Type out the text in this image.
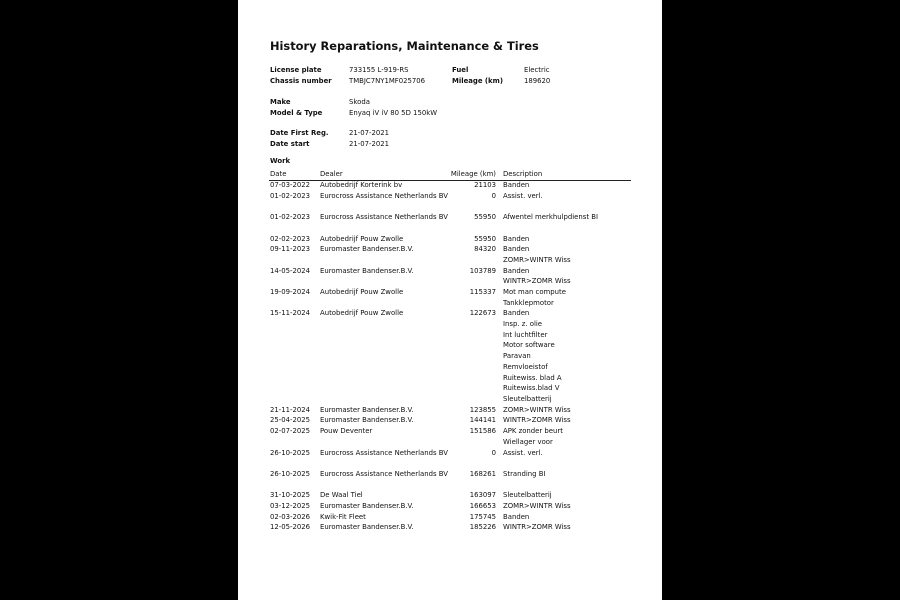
History Reparations, Maintenance & Tires
License plate	733155 L-919-RS	Fuel	Electric
Chassis number	TMBJC7NY1MF025706	Mileage (km)	189620
Make	Skoda
Model & Type	Enyaq iV iV 80 5D 150kW
Date First Reg.	21-07-2021
Date start	21-07-2021
Work
Date	Dealer	Mileage (km) Description
07-03-2022 Autobedrijf Korterink bv	21103 Banden
01-02-2023 Eurocross Assistance Netherlands BV	0 Assist. verl.
01-02-2023 Eurocross Assistance Netherlands BV	55950 Afwentel merkhulpdienst BI
02-02-2023 Autobedrijf Pouw Zwolle	55950 Banden
09-11-2023 Euromaster Bandenser.B.V.	84320 Banden
ZOMR>WINTR Wiss
14-05-2024 Euromaster Bandenser.B.V.	103789 Banden
WINTR>ZOMR Wiss
19-09-2024 Autobedrijf Pouw Zwolle	115337 Mot man compute
Tankklepmotor
15-11-2024 Autobedrijf Pouw Zwolle	122673 Banden
Insp. z. olie
Int luchtfilter
Motor software
Paravan
Remvloeistof
Ruitewiss. blad A
Ruitewiss.blad V
Sleutelbatterij
21-11-2024 Euromaster Bandenser.B.V.	123855 ZOMR>WINTR Wiss
25-04-2025 Euromaster Bandenser.B.V.	144141 WINTR>ZOMR Wiss
02-07-2025 Pouw Deventer	151586 APK zonder beurt
Wiellager voor
26-10-2025 Eurocross Assistance Netherlands BV	0 Assist. verl.
26-10-2025 Eurocross Assistance Netherlands BV	168261 Stranding BI
31-10-2025 De Waal Tiel	163097 Sleutelbatterij
03-12-2025 Euromaster Bandenser.B.V.	166653 ZOMR>WINTR Wiss
02-03-2026 Kwik-Fit Fleet	175745 Banden
12-05-2026 Euromaster Bandenser.B.V.	185226 WINTR>ZOMR Wiss
